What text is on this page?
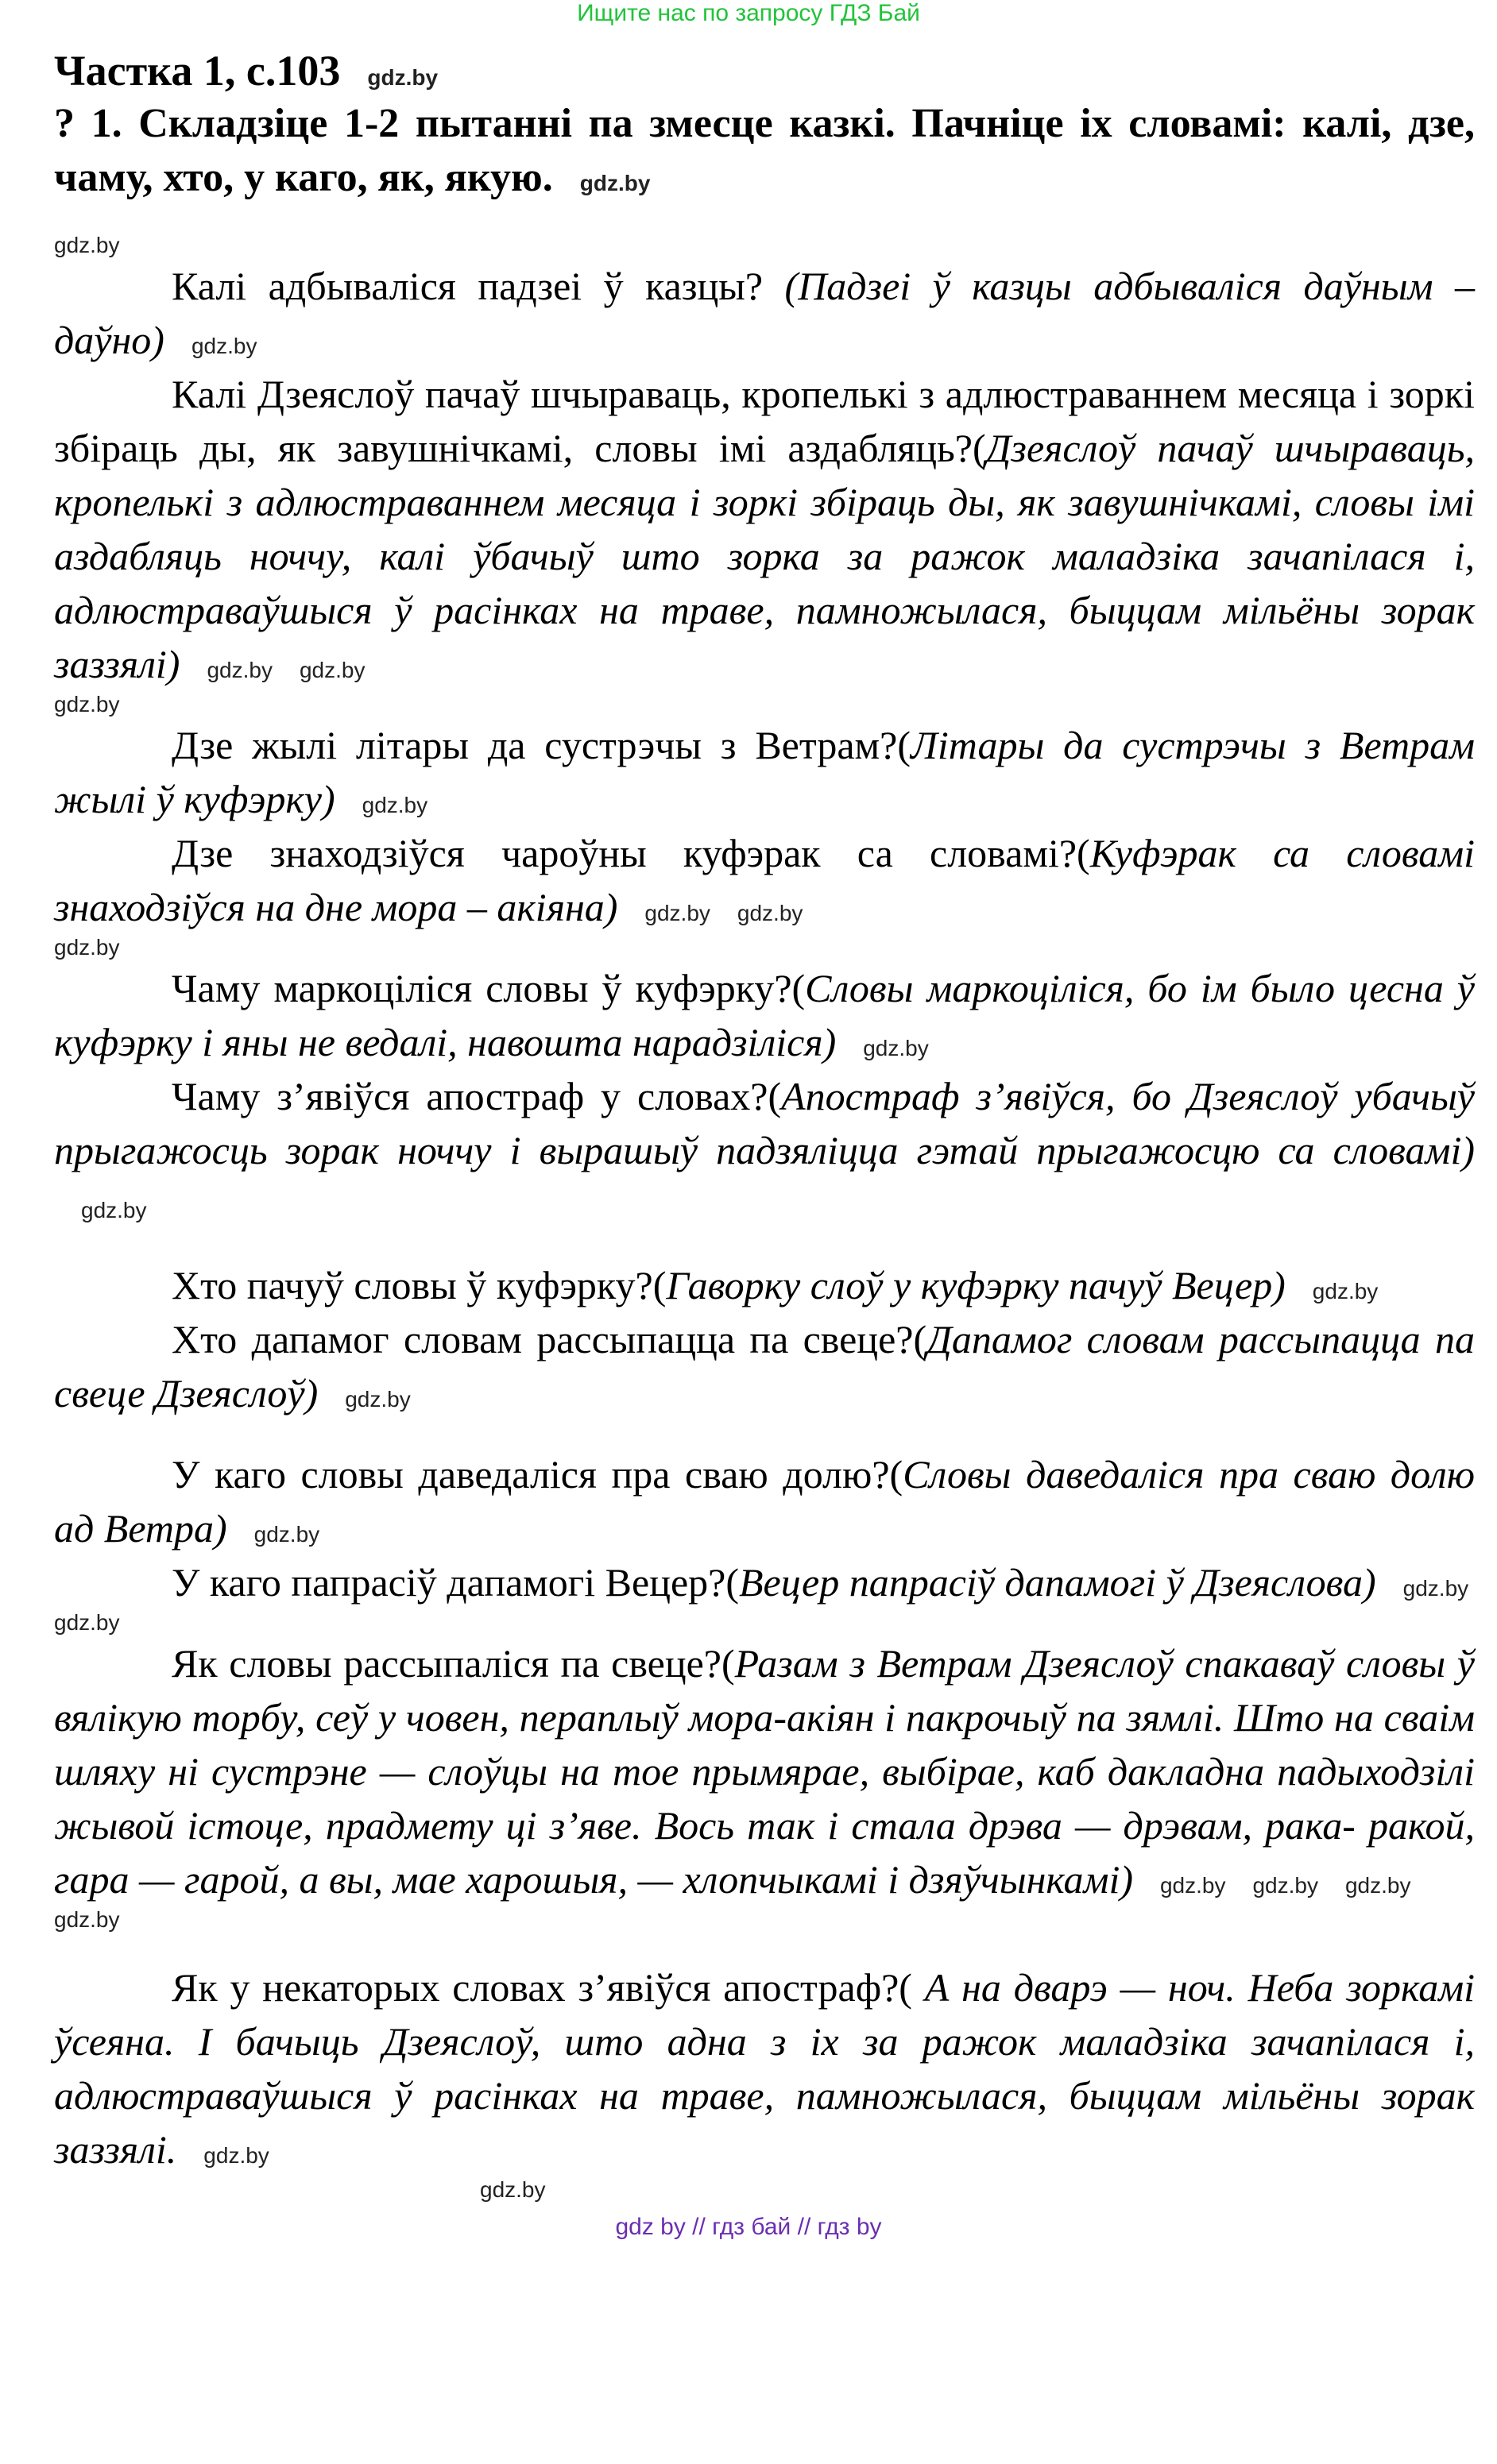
Ищите нас по запросу ГДЗ Бай
Частка 1, с.103 gdz.by
? 1. Складзіце 1-2 пытанні па змесце казкі. Пачніце іх словамі: калі, дзе, чаму, хто, у каго, як, якую. gdz.by
gdz.by
Калі адбываліся падзеі ў казцы? (Падзеі ў казцы адбываліся даўным – даўно) gdz.by
Калі Дзеяслоў пачаў шчыраваць, кропелькі з адлюстраваннем месяца і зоркі збіраць ды, як завушнічкамі, словы імі аздабляць?(Дзеяслоў пачаў шчыраваць, кропелькі з адлюстраваннем месяца і зоркі збіраць ды, як завушнічкамі, словы імі аздабляць ноччу, калі ўбачыў што зорка за ражок маладзіка зачапілася і, адлюстраваўшыся ў расінках на траве, памножылася, быццам мільёны зорак заззялі) gdz.by gdz.by
gdz.by
Дзе жылі літары да сустрэчы з Ветрам?(Літары да сустрэчы з Ветрам жылі ў куфэрку) gdz.by
Дзе знаходзіўся чароўны куфэрак са словамі?(Куфэрак са словамі знаходзіўся на дне мора – акіяна) gdz.by gdz.by
gdz.by
Чаму маркоціліся словы ў куфэрку?(Словы маркоціліся, бо ім было цесна ў куфэрку і яны не ведалі, навошта нарадзіліся) gdz.by
Чаму з’явіўся апостраф у словах?(Апостраф з’явіўся, бо Дзеяслоў убачыў прыгажосць зорак ноччу і вырашыў падзяліцца гэтай прыгажосцю са словамі)gdz.by
Хто пачуў словы ў куфэрку?(Гаворку слоў у куфэрку пачуў Вецер) gdz.by
Хто дапамог словам рассыпацца па свеце?(Дапамог словам рассыпацца па свеце Дзеяслоў) gdz.by
У каго словы даведаліся пра сваю долю?(Словы даведаліся пра сваю долю ад Ветра) gdz.by
У каго папрасіў дапамогі Вецер?(Вецер папрасіў дапамогі ў Дзеяслова) gdz.by
gdz.by
Як словы рассыпаліся па свеце?(Разам з Ветрам Дзеяслоў спакаваў словы ў вялікую торбу, сеў у човен, пераплыў мора-акіян і пакрочыў па зямлі. Што на сваім шляху ні сустрэне — слоўцы на тое прымярае, выбірае, каб дакладна падыходзілі жывой істоце, прадмету ці з’яве. Вось так і стала дрэва — дрэвам, рака- ракой, гара — гарой, а вы, мае харошыя, — хлопчыкамі і дзяўчынкамі) gdz.by gdz.by gdz.by
gdz.by
Як у некаторых словах з’явіўся апостраф?( А на дварэ — ноч. Неба зоркамі ўсеяна. І бачыць Дзеяслоў, што адна з іх за ражок маладзіка зачапілася і, адлюстраваўшыся ў расінках на траве, памножылася, быццам мільёны зорак заззялі. gdz.by
gdz.by
gdz by // гдз бай // гдз by
